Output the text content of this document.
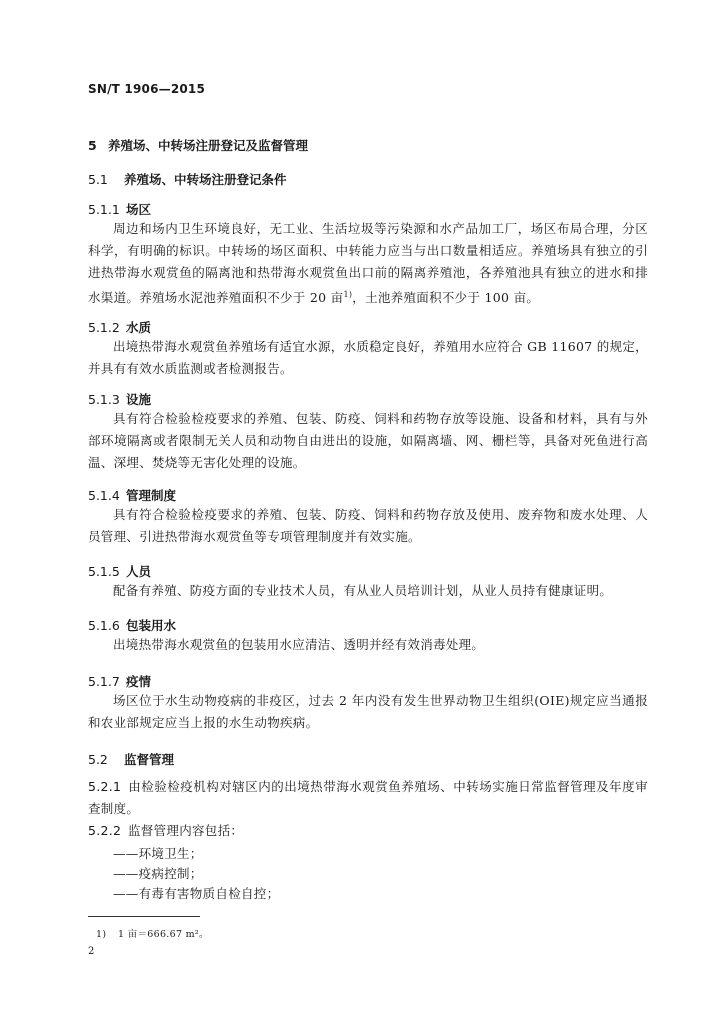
SN/T 1906—2015
5 养殖场、中转场注册登记及监督管理
5.1 养殖场、中转场注册登记条件
5.1.1 场区
周边和场内卫生环境良好，无工业、生活垃圾等污染源和水产品加工厂，场区布局合理，分区科学，有明确的标识。中转场的场区面积、中转能力应当与出口数量相适应。养殖场具有独立的引进热带海水观赏鱼的隔离池和热带海水观赏鱼出口前的隔离养殖池，各养殖池具有独立的进水和排水渠道。养殖场水泥池养殖面积不少于 20 亩$^{1)}$，土池养殖面积不少于 100 亩。
5.1.2 水质
出境热带海水观赏鱼养殖场有适宜水源，水质稳定良好，养殖用水应符合 GB 11607 的规定，并具有有效水质监测或者检测报告。
5.1.3 设施
具有符合检验检疫要求的养殖、包装、防疫、饲料和药物存放等设施、设备和材料，具有与外部环境隔离或者限制无关人员和动物自由进出的设施，如隔离墙、网、栅栏等，具备对死鱼进行高温、深埋、焚烧等无害化处理的设施。
5.1.4 管理制度
具有符合检验检疫要求的养殖、包装、防疫、饲料和药物存放及使用、废弃物和废水处理、人员管理、引进热带海水观赏鱼等专项管理制度并有效实施。
5.1.5 人员
配备有养殖、防疫方面的专业技术人员，有从业人员培训计划，从业人员持有健康证明。
5.1.6 包装用水
出境热带海水观赏鱼的包装用水应清洁、透明并经有效消毒处理。
5.1.7 疫情
场区位于水生动物疫病的非疫区，过去 2 年内没有发生世界动物卫生组织(OIE)规定应当通报和农业部规定应当上报的水生动物疾病。
5.2 监督管理
5.2.1 由检验检疫机构对辖区内的出境热带海水观赏鱼养殖场、中转场实施日常监督管理及年度审查制度。
5.2.2 监督管理内容包括：
——环境卫生；
——疫病控制；
——有毒有害物质自检自控；
1) 1 亩＝666.67 m²。
2
